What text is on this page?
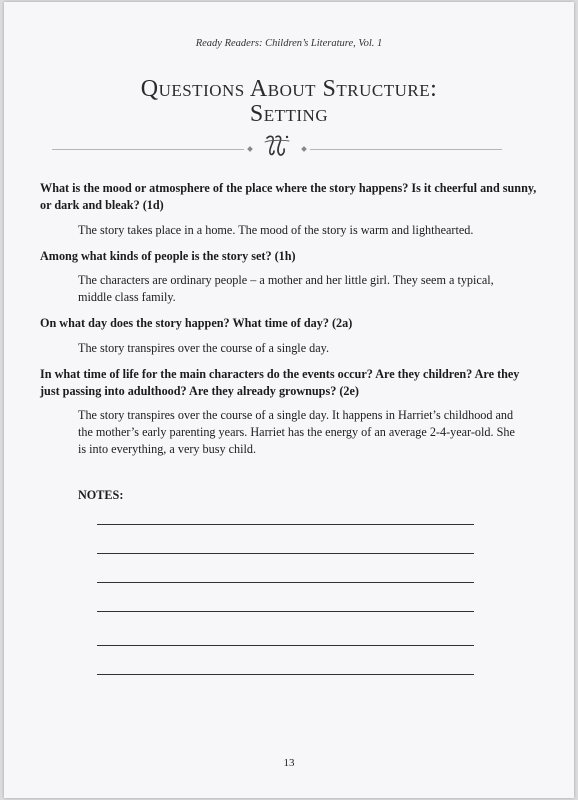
Ready Readers: Children’s Literature, Vol. 1
Questions About Structure:
Setting
What is the mood or atmosphere of the place where the story happens? Is it cheerful and sunny, or dark and bleak? (1d)
The story takes place in a home. The mood of the story is warm and lighthearted.
Among what kinds of people is the story set? (1h)
The characters are ordinary people – a mother and her little girl. They seem a typical, middle class family.
On what day does the story happen? What time of day? (2a)
The story transpires over the course of a single day.
In what time of life for the main characters do the events occur? Are they children? Are they just passing into adulthood? Are they already grownups? (2e)
The story transpires over the course of a single day. It happens in Harriet’s childhood and the mother’s early parenting years. Harriet has the energy of an average 2-4-year-old. She is into everything, a very busy child.
NOTES:
13
